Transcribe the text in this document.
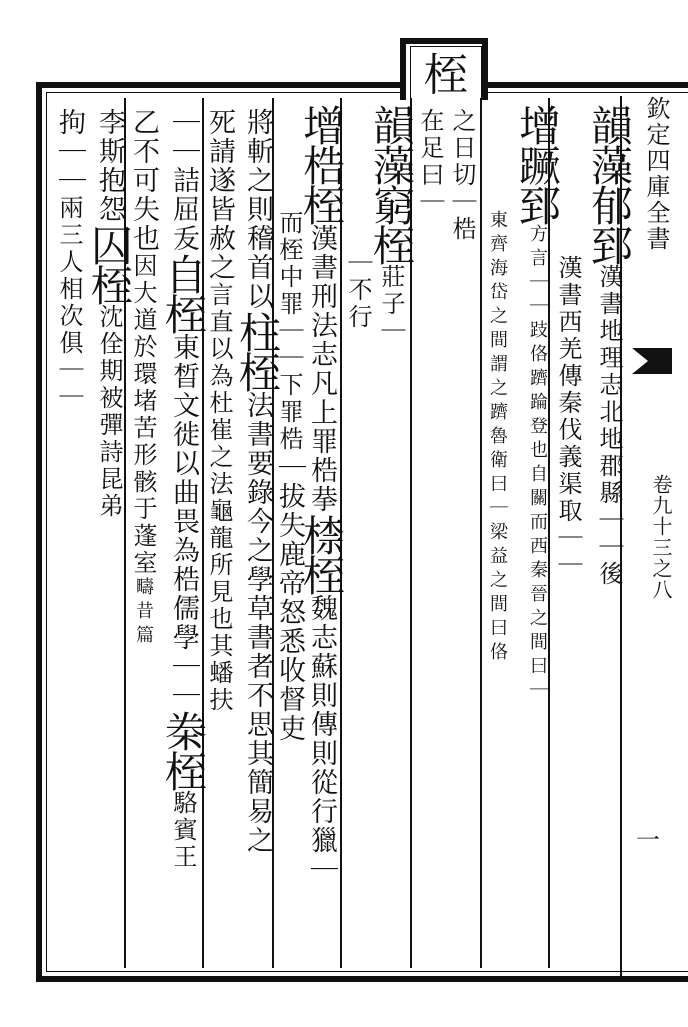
桎
欽定四庫全書
卷九十三之八
一
韻藻郁郅漢書地理志北地郡縣｜｜後
漢書西羌傳秦伐義渠取｜｜
增蹶郅方言｜｜跂佫躋踚登也自關而西秦晉之間曰｜
東齊海岱之間謂之躋魯衛曰｜梁益之間曰佫
之日切｜梏
在足曰｜
韻藻窮桎莊子｜
｜不行
增梏桎漢書刑法志凡上罪梏拲㮏桎魏志蘇則傳則從行獵｜
而桎中罪｜｜下罪梏｜拔失鹿帝怒悉收督吏
將斬之則稽首以柱桎法書要錄今之學草書者不思其簡易之
死請遂皆赦之言直以為杜崔之法龜龍所見也其蟠扶
｜｜詰屈叐自桎東晳文徙以曲畏為梏儒學｜｜桊桎駱賓王
乙不可失也因大道於環堵苦形骸于蓬室疇昔篇
李斯抱怨囚桎沈佺期被彈詩昆弟
拘｜｜兩三人相次俱｜｜
